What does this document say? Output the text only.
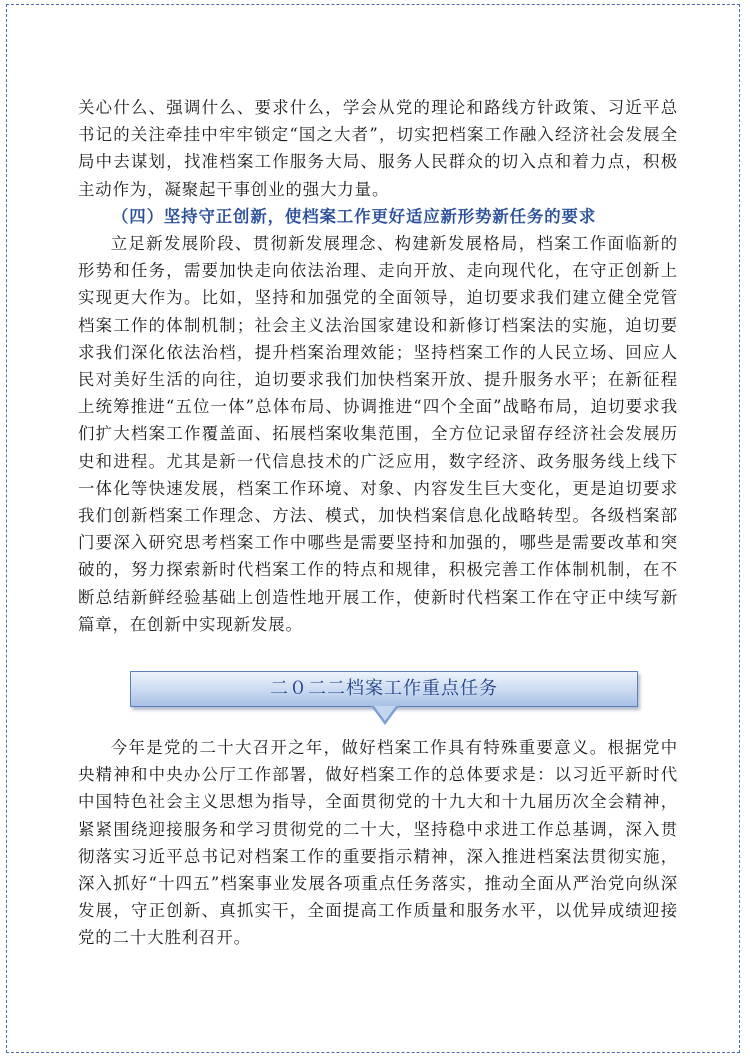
关心什么、强调什么、要求什么，学会从党的理论和路线方针政策、习近平总书记的关注牵挂中牢牢锁定“国之大者”，切实把档案工作融入经济社会发展全局中去谋划，找准档案工作服务大局、服务人民群众的切入点和着力点，积极主动作为，凝聚起干事创业的强大力量。

（四）坚持守正创新，使档案工作更好适应新形势新任务的要求

立足新发展阶段、贯彻新发展理念、构建新发展格局，档案工作面临新的形势和任务，需要加快走向依法治理、走向开放、走向现代化，在守正创新上实现更大作为。比如，坚持和加强党的全面领导，迫切要求我们建立健全党管档案工作的体制机制；社会主义法治国家建设和新修订档案法的实施，迫切要求我们深化依法治档，提升档案治理效能；坚持档案工作的人民立场、回应人民对美好生活的向往，迫切要求我们加快档案开放、提升服务水平；在新征程上统筹推进“五位一体”总体布局、协调推进“四个全面”战略布局，迫切要求我们扩大档案工作覆盖面、拓展档案收集范围，全方位记录留存经济社会发展历史和进程。尤其是新一代信息技术的广泛应用，数字经济、政务服务线上线下一体化等快速发展，档案工作环境、对象、内容发生巨大变化，更是迫切要求我们创新档案工作理念、方法、模式，加快档案信息化战略转型。各级档案部门要深入研究思考档案工作中哪些是需要坚持和加强的，哪些是需要改革和突破的，努力探索新时代档案工作的特点和规律，积极完善工作体制机制，在不断总结新鲜经验基础上创造性地开展工作，使新时代档案工作在守正中续写新篇章，在创新中实现新发展。

二０二二档案工作重点任务

今年是党的二十大召开之年，做好档案工作具有特殊重要意义。根据党中央精神和中央办公厅工作部署，做好档案工作的总体要求是：以习近平新时代中国特色社会主义思想为指导，全面贯彻党的十九大和十九届历次全会精神，紧紧围绕迎接服务和学习贯彻党的二十大，坚持稳中求进工作总基调，深入贯彻落实习近平总书记对档案工作的重要指示精神，深入推进档案法贯彻实施，深入抓好“十四五”档案事业发展各项重点任务落实，推动全面从严治党向纵深发展，守正创新、真抓实干，全面提高工作质量和服务水平，以优异成绩迎接党的二十大胜利召开。
